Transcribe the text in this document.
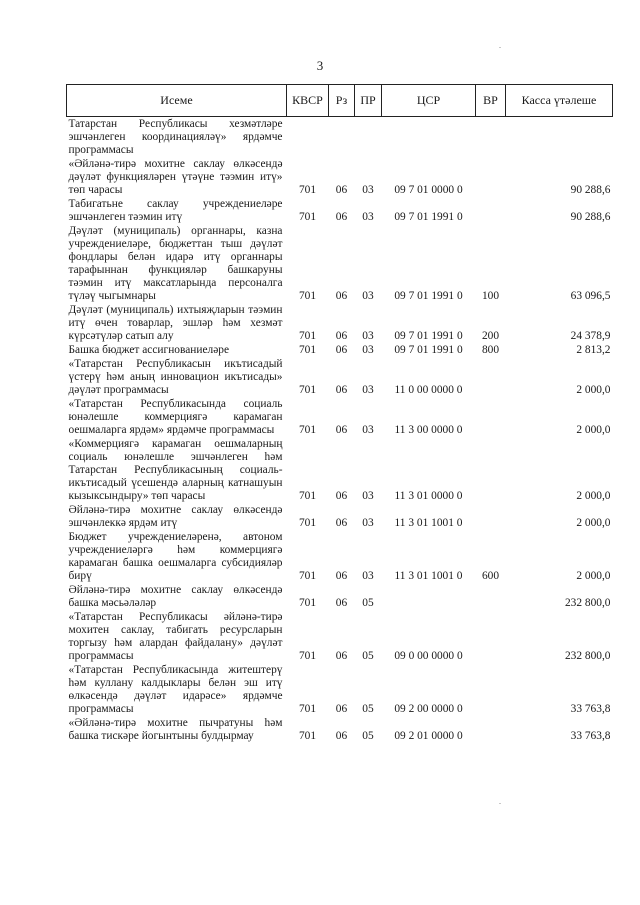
3
Исеме	КВСР	Рз	ПР	ЦСР	ВР	Касса үтәлеше
Татарстан Республикасы хезмәтләре эшчәнлеген координацияләү» ярдәмче программасы						
«Әйләнә-тирә мохитне саклау өлкәсендә дәүләт функцияләрен үтәүне тәэмин итү» төп чарасы	701	06	03	09 7 01 0000 0		90 288,6
Табигатьне саклау учреждениеләре эшчәнлеген тәэмин итү	701	06	03	09 7 01 1991 0		90 288,6
Дәүләт (муниципаль) органнары, казна учреждениеләре, бюджеттан тыш дәүләт фондлары белән идарә итү органнары тарафыннан функцияләр башкаруны тәэмин итү максатларында персоналга түләү чыгымнары	701	06	03	09 7 01 1991 0	100	63 096,5
Дәүләт (муниципаль) ихтыяҗларын тәэмин итү өчен товарлар, эшләр һәм хезмәт күрсәтүләр сатып алу	701	06	03	09 7 01 1991 0	200	24 378,9
Башка бюджет ассигнованиеләре	701	06	03	09 7 01 1991 0	800	2 813,2
«Татарстан Республикасын икътисадый үстерү һәм аның инновацион икътисады» дәүләт программасы	701	06	03	11 0 00 0000 0		2 000,0
«Татарстан Республикасында социаль юнәлешле коммерциягә карамаган оешмаларга ярдәм» ярдәмче программасы	701	06	03	11 3 00 0000 0		2 000,0
«Коммерциягә карамаган оешмаларның социаль юнәлешле эшчәнлеген һәм Татарстан Республикасының социаль-икътисадый үсешендә аларның катнашуын кызыксындыру» төп чарасы	701	06	03	11 3 01 0000 0		2 000,0
Әйләнә-тирә мохитне саклау өлкәсендә эшчәнлеккә ярдәм итү	701	06	03	11 3 01 1001 0		2 000,0
Бюджет учреждениеләренә, автоном учреждениеләргә һәм коммерциягә карамаган башка оешмаларга субсидияләр бирү	701	06	03	11 3 01 1001 0	600	2 000,0
Әйләнә-тирә мохитне саклау өлкәсендә башка мәсьәләләр	701	06	05			232 800,0
«Татарстан Республикасы әйләнә-тирә мохитен саклау, табигать ресурсларын торгызу һәм алардан файдалану» дәүләт программасы	701	06	05	09 0 00 0000 0		232 800,0
«Татарстан Республикасында житештерү һәм куллану калдыклары белән эш итү өлкәсендә дәүләт идарәсе» ярдәмче программасы	701	06	05	09 2 00 0000 0		33 763,8
«Әйләнә-тирә мохитне пычратуны һәм башка тискәре йогынтыны булдырмау	701	06	05	09 2 01 0000 0		33 763,8
